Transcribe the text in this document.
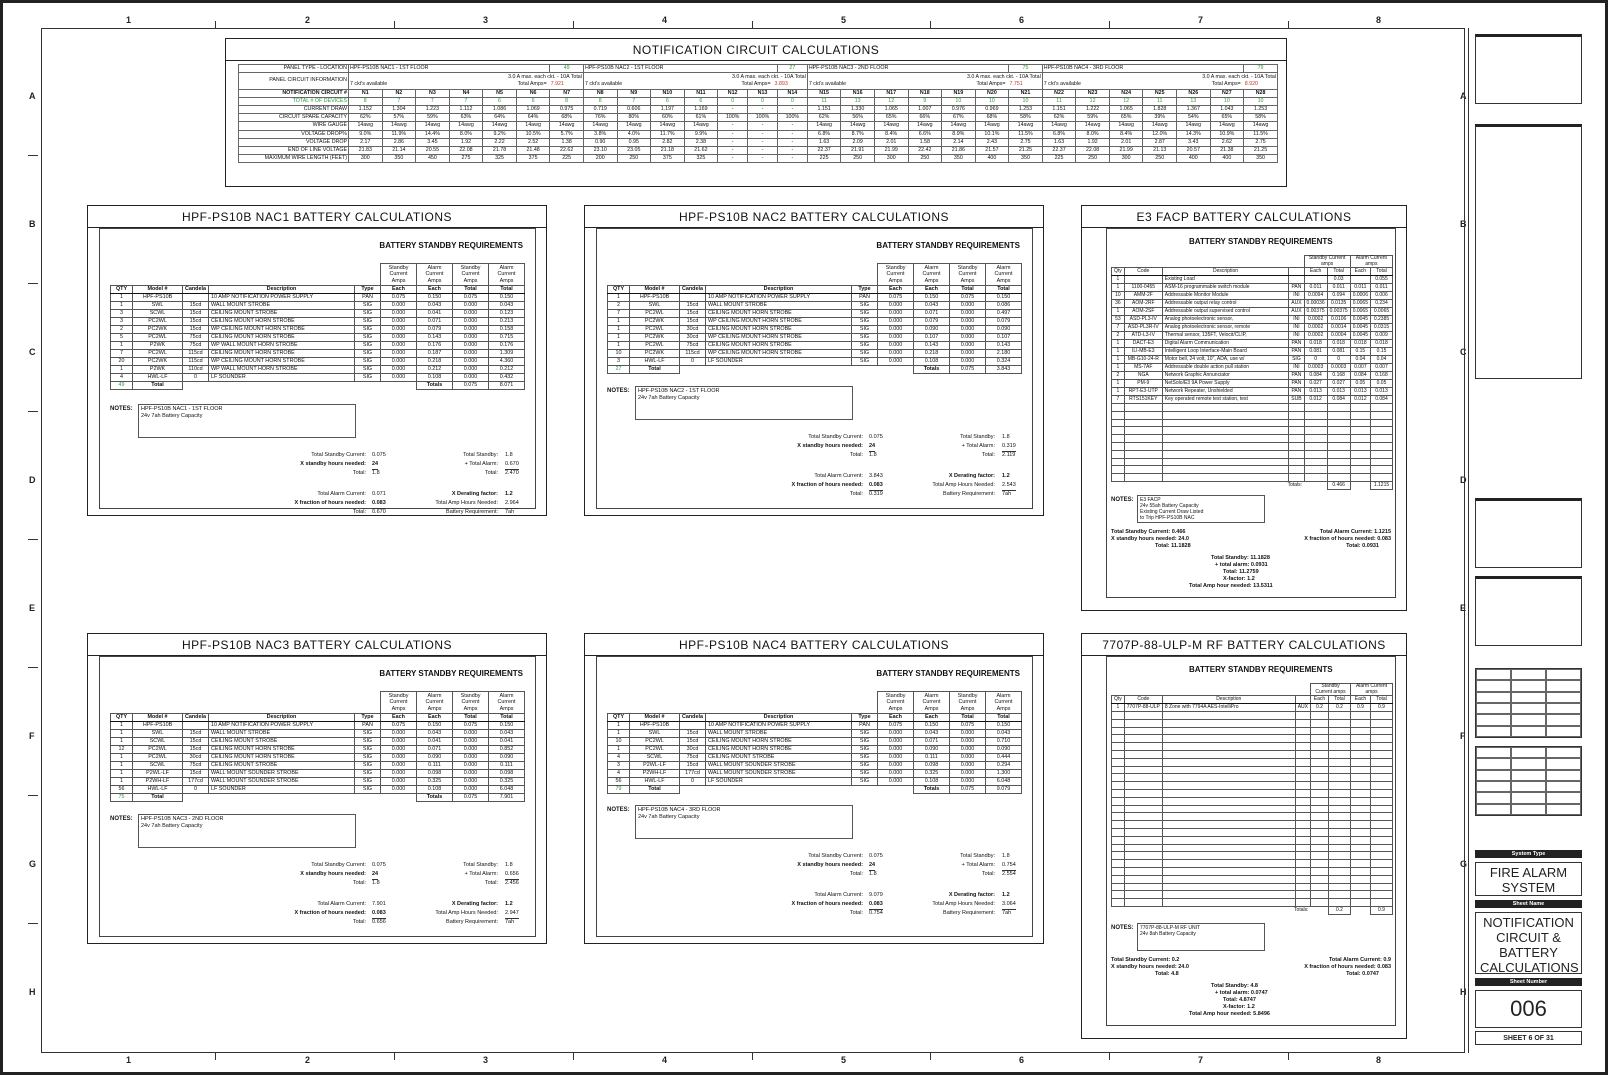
1
1
2
2
3
3
4
4
5
5
6
6
7
7
8
8
A	A
B	B
C	C
D	D
E	E
F	F
G	G
H	H
NOTIFICATION CIRCUIT CALCULATIONS
PANEL TYPE - LOCATION	HPF-PS10B NAC1 - 1ST FLOOR						49	HPF-PS10B NAC2 - 1ST FLOOR						27	HPF-PS10B NAC3 - 2ND FLOOR						75	HPF-PS10B NAC4 - 3RD FLOOR						79
PANEL CIRCUIT INFORMATION	3.0 A max. each ckt. - 10A Total							3.0 A max. each ckt. - 10A Total							3.0 A max. each ckt. - 10A Total							3.0 A max. each ckt. - 10A Total						
	7 ckt's available Total Amps= 7.921							7 ckt's available Total Amps= 3.893							7 ckt's available Total Amps= 7.751							7 ckt's available Total Amps= 8.920						

NOTIFICATION CIRCUIT #	N1	N2	N3	N4	N5	N6	N7	N8	N9	N10	N11	N12	N13	N14	N15	N16	N17	N18	N19	N20	N21	N22	N23	N24	N25	N26	N27	N28
TOTAL # OF DEVICES	8	7	7	7	6	6	8	8	7	6	6	0	0	0	11	13	12	9	10	10	10	11	12	12	11	13	10	10
CURRENT DRAW	1.152	1.304	1.223	1.112	1.086	1.069	0.975	0.719	0.606	1.197	1.169	-	-	-	1.151	1.330	1.065	1.007	0.976	0.969	1.253	1.151	1.222	1.065	1.828	1.367	1.043	1.253
CIRCUIT SPARE CAPACITY	62%	57%	59%	63%	64%	64%	68%	76%	80%	60%	61%	100%	100%	100%	62%	56%	65%	66%	67%	68%	58%	62%	59%	65%	39%	54%	65%	58%
WIRE GAUGE	14awg	14awg	14awg	14awg	14awg	14awg	14awg	14awg	14awg	14awg	14awg	-	-	-	14awg	14awg	14awg	14awg	14awg	14awg	14awg	14awg	14awg	14awg	14awg	14awg	14awg	14awg
VOLTAGE DROP%	9.0%	11.9%	14.4%	8.0%	9.2%	10.5%	5.7%	3.8%	4.0%	11.7%	9.9%	-	-	-	6.8%	8.7%	8.4%	6.6%	8.9%	10.1%	11.5%	6.8%	8.0%	8.4%	12.0%	14.3%	10.9%	11.5%
VOLTAGE DROP	2.17	2.86	3.45	1.92	2.22	2.52	1.38	0.90	0.95	2.82	2.38	-	-	-	1.63	2.09	2.01	1.58	2.14	2.43	2.75	1.63	1.92	2.01	2.87	3.43	2.62	2.75
END OF LINE VOLTAGE	21.83	21.14	20.55	22.08	21.78	21.48	22.62	23.10	23.05	21.18	21.62	-	-	-	22.37	21.91	21.99	22.42	21.86	21.57	21.25	22.37	22.08	21.99	21.13	20.57	21.38	21.25
MAXIMUM WIRE LENGTH (FEET)	300	350	450	275	325	375	225	200	250	375	325	-	-	-	225	250	300	250	350	400	350	225	250	300	250	400	400	350
HPF-PS10B NAC1 BATTERY CALCULATIONS
BATTERY STANDBY REQUIREMENTS
					Standby Current Amps	Alarm Current Amps	Standby Current Amps	Alarm Current Amps
QTY	Model #	Candela	Description	Type	Each	Each	Total	Total
1	HPF-PS10B		10 AMP NOTIFICATION POWER SUPPLY	PAN	0.075	0.150	0.075	0.150
1	SWL	15cd	WALL MOUNT STROBE	SIG	0.000	0.043	0.000	0.043
3	SCWL	15cd	CEILING MOUNT STROBE	SIG	0.000	0.041	0.000	0.123
3	PC2WL	15cd	CEILING MOUNT HORN STROBE	SIG	0.000	0.071	0.000	0.213
2	PC2WK	15cd	WP CEILING MOUNT HORN STROBE	SIG	0.000	0.079	0.000	0.158
5	PC2WL	75cd	CEILING MOUNT HORN STROBE	SIG	0.000	0.143	0.000	0.715
1	P2WK	75cd	WP WALL MOUNT HORN STROBE	SIG	0.000	0.176	0.000	0.176
7	PC2WL	115cd	CEILING MOUNT HORN STROBE	SIG	0.000	0.187	0.000	1.309
20	PC2WK	115cd	WP CEILING MOUNT HORN STROBE	SIG	0.000	0.218	0.000	4.360
1	P2WK	110cd	WP WALL MOUNT HORN STROBE	SIG	0.000	0.212	0.000	0.212
4	HWL-LF	0	LF SOUNDER	SIG	0.000	0.108	0.000	0.432
49	Total					Totals	0.075	8.071
NOTES: HPF-PS10B NAC1 - 1ST FLOOR
24v 7ah Battery Capacity
Total Standby Current: 0.075
X standby hours needed: 24
Total: 1.8
Total Alarm Current: 0.071
X fraction of hours needed: 0.083
Total: 0.670
Total Standby: 1.8
+ Total Alarm: 0.670
Total: 2.470
X Derating factor: 1.2
Total Amp Hours Needed: 2.964
Battery Requirement: 7ah
HPF-PS10B NAC2 BATTERY CALCULATIONS
BATTERY STANDBY REQUIREMENTS
					Standby Current Amps	Alarm Current Amps	Standby Current Amps	Alarm Current Amps
QTY	Model #	Candela	Description	Type	Each	Each	Total	Total
1	HPF-PS10B		10 AMP NOTIFICATION POWER SUPPLY	PAN	0.075	0.150	0.075	0.150
2	SWL	15cd	WALL MOUNT STROBE	SIG	0.000	0.043	0.000	0.086
7	PC2WL	15cd	CEILING MOUNT HORN STROBE	SIG	0.000	0.071	0.000	0.497
1	PC2WK	15cd	WP CEILING MOUNT HORN STROBE	SIG	0.000	0.079	0.000	0.079
1	PC2WL	30cd	CEILING MOUNT HORN STROBE	SIG	0.000	0.090	0.000	0.090
1	PC2WK	30cd	WP CEILING MOUNT HORN STROBE	SIG	0.000	0.107	0.000	0.107
1	PC2WL	75cd	CEILING MOUNT HORN STROBE	SIG	0.000	0.143	0.000	0.143
10	PC2WK	115cd	WP CEILING MOUNT HORN STROBE	SIG	0.000	0.218	0.000	2.180
3	HWL-LF	0	LF SOUNDER	SIG	0.000	0.108	0.000	0.324
27	Total					Totals	0.075	3.843
NOTES: HPF-PS10B NAC2 - 1ST FLOOR
24v 7ah Battery Capacity
Total Standby Current: 0.075
X standby hours needed: 24
Total: 1.8
Total Alarm Current: 3.843
X fraction of hours needed: 0.083
Total: 0.319
Total Standby: 1.8
+ Total Alarm: 0.319
Total: 2.119
X Derating factor: 1.2
Total Amp Hours Needed: 2.543
Battery Requirement: 7ah
HPF-PS10B NAC3 BATTERY CALCULATIONS
BATTERY STANDBY REQUIREMENTS
					Standby Current Amps	Alarm Current Amps	Standby Current Amps	Alarm Current Amps
QTY	Model #	Candela	Description	Type	Each	Each	Total	Total
1	HPF-PS10B		10 AMP NOTIFICATION POWER SUPPLY	PAN	0.075	0.150	0.075	0.150
1	SWL	15cd	WALL MOUNT STROBE	SIG	0.000	0.043	0.000	0.043
1	SCWL	15cd	CEILING MOUNT STROBE	SIG	0.000	0.041	0.000	0.041
12	PC2WL	15cd	CEILING MOUNT HORN STROBE	SIG	0.000	0.071	0.000	0.852
1	PC2WL	30cd	CEILING MOUNT HORN STROBE	SIG	0.000	0.090	0.000	0.090
1	SCWL	75cd	CEILING MOUNT STROBE	SIG	0.000	0.111	0.000	0.111
1	P2WL-LF	15cd	WALL MOUNT SOUNDER STROBE	SIG	0.000	0.098	0.000	0.098
1	P2WH-LF	177cd	WALL MOUNT SOUNDER STROBE	SIG	0.000	0.325	0.000	0.325
56	HWL-LF	0	LF SOUNDER	SIG	0.000	0.108	0.000	6.048
75	Total					Totals	0.075	7.901
NOTES: HPF-PS10B NAC3 - 2ND FLOOR
24v 7ah Battery Capacity
Total Standby Current: 0.075
X standby hours needed: 24
Total: 1.8
Total Alarm Current: 7.901
X fraction of hours needed: 0.083
Total: 0.656
Total Standby: 1.8
+ Total Alarm: 0.656
Total: 2.456
X Derating factor: 1.2
Total Amp Hours Needed: 2.947
Battery Requirement: 7ah
HPF-PS10B NAC4 BATTERY CALCULATIONS
BATTERY STANDBY REQUIREMENTS
					Standby Current Amps	Alarm Current Amps	Standby Current Amps	Alarm Current Amps
QTY	Model #	Candela	Description	Type	Each	Each	Total	Total
1	HPF-PS10B		10 AMP NOTIFICATION POWER SUPPLY	PAN	0.075	0.150	0.075	0.150
1	SWL	15cd	WALL MOUNT STROBE	SIG	0.000	0.043	0.000	0.043
10	PC2WL	15cd	CEILING MOUNT HORN STROBE	SIG	0.000	0.071	0.000	0.710
1	PC2WL	30cd	CEILING MOUNT HORN STROBE	SIG	0.000	0.090	0.000	0.090
4	SCWL	75cd	CEILING MOUNT STROBE	SIG	0.000	0.111	0.000	0.444
3	P2WL-LF	15cd	WALL MOUNT SOUNDER STROBE	SIG	0.000	0.098	0.000	0.294
4	P2WH-LF	177cd	WALL MOUNT SOUNDER STROBE	SIG	0.000	0.325	0.000	1.300
56	HWL-LF	0	LF SOUNDER	SIG	0.000	0.108	0.000	6.048
79	Total					Totals	0.075	9.079
NOTES: HPF-PS10B NAC4 - 3RD FLOOR
24v 7ah Battery Capacity
Total Standby Current: 0.075
X standby hours needed: 24
Total: 1.8
Total Alarm Current: 9.079
X fraction of hours needed: 0.083
Total: 0.754
Total Standby: 1.8
+ Total Alarm: 0.754
Total: 2.554
X Derating factor: 1.2
Total Amp Hours Needed: 3.064
Battery Requirement: 7ah
E3 FACP BATTERY CALCULATIONS
BATTERY STANDBY REQUIREMENTS
				Standby Current amps		Alarm Current amps	
Qty	Code	Description		Each	Total	Each	Total
1		Existing Load			0.03		0.055
1	1100-0455	ASM-16 programmable switch module	PAN	0.011	0.011	0.011	0.011
10	AMM-2F	Addressable Monitor Module	INI	0.0094	0.094	0.0006	0.006
36	AOM-2RF	Addressable output relay control	AUX	0.00036	0.0135	0.0065	0.234
1	AOM-2SF	Addressable output supervised control	AUX	0.00375	0.00375	0.0065	0.0065
53	ASD-PL3-IV	Analog photoelectronic sensor,	INI	0.0002	0.0106	0.0045	0.2385
7	ASD-PL3R-IV	Analog photoelectronic sensor, remote	INI	0.0002	0.0014	0.0045	0.0315
2	ATD-L3-IV	Thermal sensor, 135FT, Velocit/CLIP,	INI	0.0002	0.0004	0.0045	0.009
1	DACT-E3	Digital Alarm Communication	PAN	0.018	0.018	0.018	0.018
1	ILI-MB-E3	Intelligent Loop Interface-Main Board	PAN	0.081	0.081	0.15	0.15
1	MB-G10-24-R	Motor bell, 24 volt, 10", ADA, use w/	SIG	0	0	0.04	0.04
1	MS-7AF	Addressable double action pull station	INI	0.0003	0.0003	0.007	0.007
2	NGA	Network Graphic Annunciator	PAN	0.084	0.168	0.084	0.168
1	PM-9	NetSolo/E3 9A Power Supply	PAN	0.027	0.027	0.05	0.05
1	RPT-E3-UTP	Network Repeater, Unshielded	PAN	0.013	0.013	0.013	0.013
7	RTS151KEY	Key operated remote test station, test	SUB	0.012	0.084	0.012	0.084

Totals:					0.466		1.1215
NOTES: E3 FACP
24v 55ah Battery Capacity
Existing Current Draw Listed
to Trip HPF-PS10B NAC
Total Standby Current: 0.466
X standby hours needed: 24.0
Total: 11.1828
Total Alarm Current: 1.1215
X fraction of hours needed: 0.083
Total: 0.0931
Total Standby: 11.1828
+ total alarm: 0.0931
Total: 11.2759
X-factor: 1.2
Total Amp hour needed: 13.5311
7707P-88-ULP-M RF BATTERY CALCULATIONS
BATTERY STANDBY REQUIREMENTS
				Standby Current amps		Alarm Current amps	
Qty	Code	Description		Each	Total	Each	Total
1	7707P-88-ULP	8 Zone with 7794A AES-IntelliPro	AUX	0.2	0.2	0.9	0.9

Totals:					0.2		0.9
NOTES: 7707P-88-ULP-M RF UNIT
24v 8ah Battery Capacity
Total Standby Current: 0.2
X standby hours needed: 24.0
Total: 4.8
Total Alarm Current: 0.9
X fraction of hours needed: 0.083
Total: 0.0747
Total Standby: 4.8
+ total alarm: 0.0747
Total: 4.8747
X-factor: 1.2
Total Amp hour needed: 5.8496
System Type
FIRE ALARM SYSTEM
Sheet Name
NOTIFICATION CIRCUIT & BATTERY CALCULATIONS
Sheet Number
006
SHEET 6 OF 31
